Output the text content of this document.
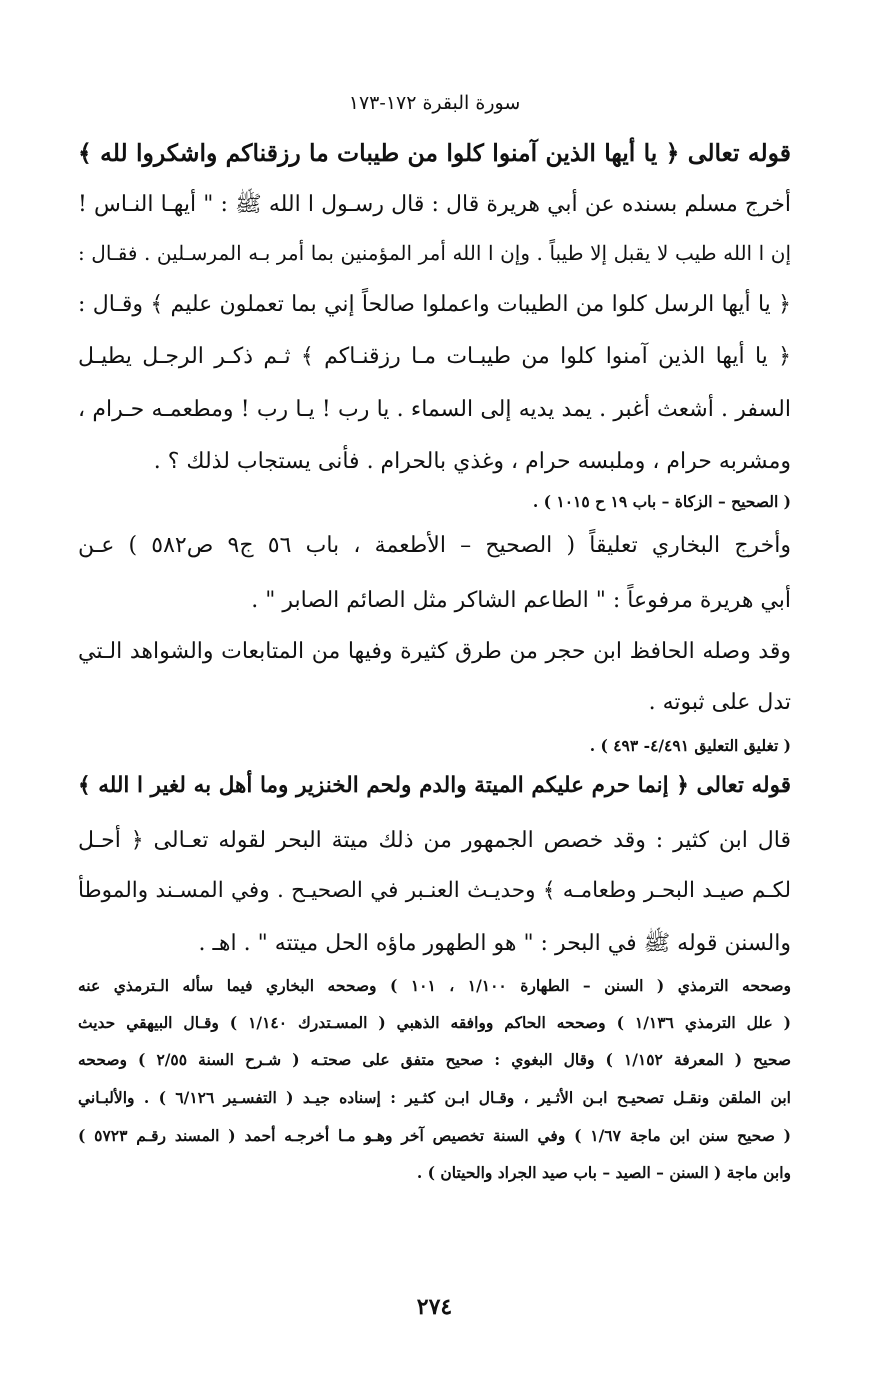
سورة البقرة ١٧٢-١٧٣
قوله تعالى ﴿ يا أيها الذين آمنوا كلوا من طيبات ما رزقناكم واشكروا لله ﴾
أخرج مسلم بسنده عن أبي هريرة قال : قال رسـول ا الله ﷺ : " أيهـا النـاس !
إن ا الله طيب لا يقبل إلا طيباً . وإن ا الله أمر المؤمنين بما أمر بـه المرسـلين . فقـال :
﴿ يا أيها الرسل كلوا من الطيبات واعملوا صالحاً إني بما تعملون عليم ﴾ وقـال :
﴿ يا أيها الذين آمنوا كلوا من طيبـات مـا رزقنـاكم ﴾ ثـم ذكـر الرجـل يطيـل
السفر . أشعث أغبر . يمد يديه إلى السماء . يا رب ! يـا رب ! ومطعمـه حـرام ،
ومشربه حرام ، وملبسه حرام ، وغذي بالحرام . فأنى يستجاب لذلك ؟ .
( الصحيح – الزكاة – باب ١٩ ح ١٠١٥ ) .
وأخرج البخاري تعليقاً ( الصحيح – الأطعمة ، باب ٥٦ ج٩ ص٥٨٢ ) عـن
أبي هريرة مرفوعاً : " الطاعم الشاكر مثل الصائم الصابر " .
وقد وصله الحافظ ابن حجر من طرق كثيرة وفيها من المتابعات والشواهد الـتي
تدل على ثبوته .
( تغليق التعليق ٤/٤٩١- ٤٩٣ ) .
قوله تعالى ﴿ إنما حرم عليكم الميتة والدم ولحم الخنزير وما أهل به لغير ا الله ﴾
قال ابن كثير : وقد خصص الجمهور من ذلك ميتة البحر لقوله تعـالى ﴿ أحـل
لكـم صيـد البحـر وطعامـه ﴾ وحديـث العنـبر في الصحيـح . وفي المسـند والموطأ
والسنن قوله ﷺ في البحر : " هو الطهور ماؤه الحل ميتته " . اهـ .
وصححه الترمذي ( السنن – الطهارة ١/١٠٠ ، ١٠١ ) وصححه البخاري فيما سأله الـترمذي عنه
( علل الترمذي ١/١٣٦ ) وصححه الحاكم ووافقه الذهبي ( المسـتدرك ١/١٤٠ ) وقـال البيهقي حديث
صحيح ( المعرفة ١/١٥٢ ) وقال البغوي : صحيح متفق على صحتـه ( شـرح السنة ٢/٥٥ ) وصححه
ابن الملقن ونقـل تصحيـح ابـن الأثـير ، وقـال ابـن كثـير : إسناده جيـد ( التفسـير ٦/١٢٦ ) . والألبـاني
( صحيح سنن ابن ماجة ١/٦٧ ) وفي السنة تخصيص آخر وهـو مـا أخرجـه أحمد ( المسند رقـم ٥٧٢٣ )
وابن ماجة ( السنن – الصيد – باب صيد الجراد والحيتان ) .
٢٧٤
